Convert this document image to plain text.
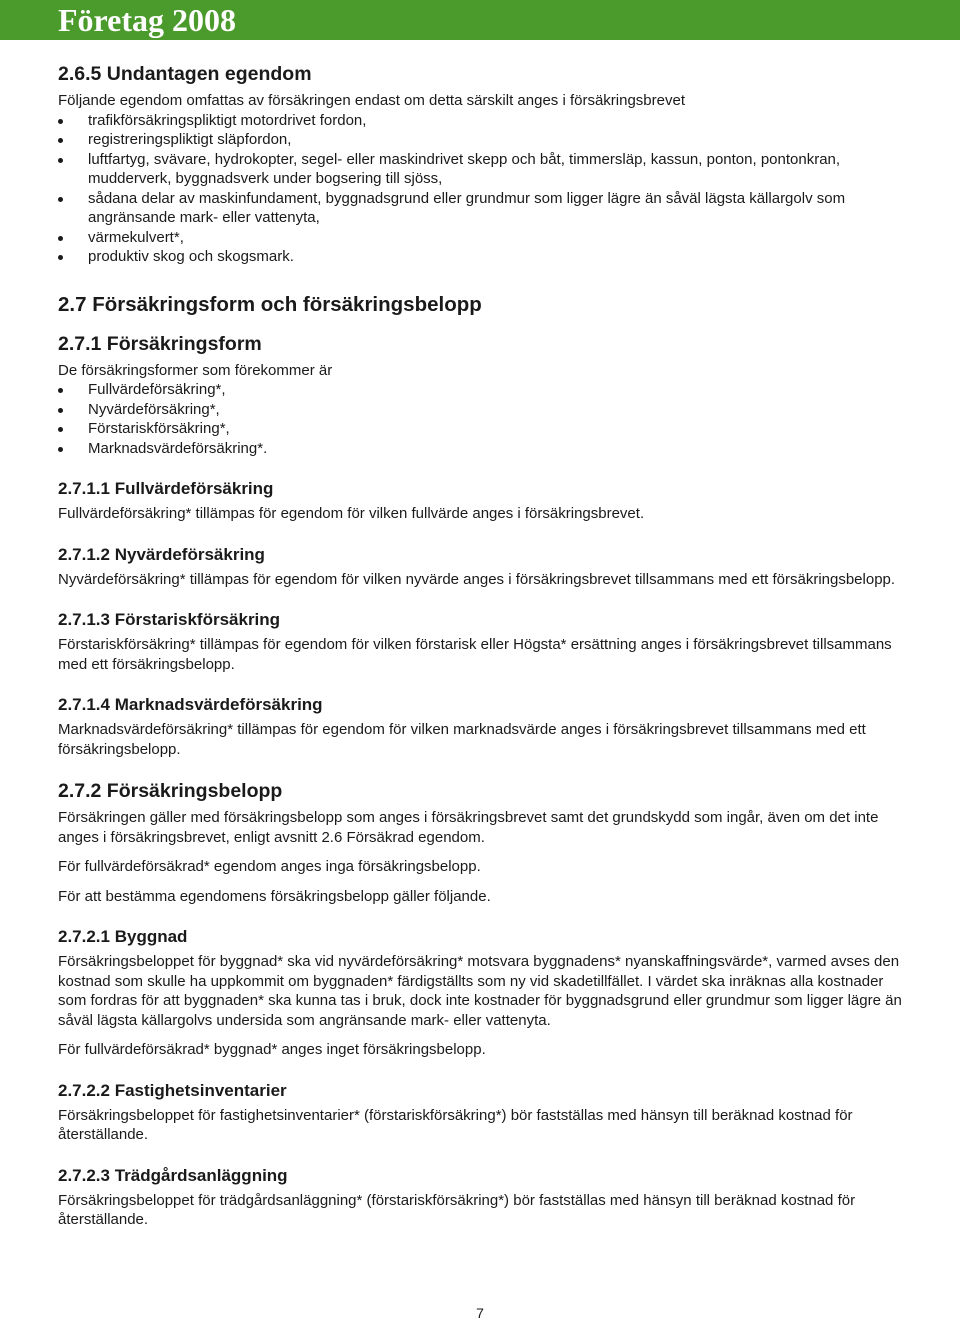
Företag 2008
2.6.5 Undantagen egendom

Följande egendom omfattas av försäkringen endast om detta särskilt anges i försäkringsbrevet

trafikförsäkringspliktigt motordrivet fordon,
registreringspliktigt släpfordon,
luftfartyg, svävare, hydrokopter, segel- eller maskindrivet skepp och båt, timmersläp, kassun, ponton, pontonkran, mudderverk, byggnadsverk under bogsering till sjöss,
sådana delar av maskinfundament, byggnadsgrund eller grundmur som ligger lägre än såväl lägsta källargolv som angränsande mark- eller vattenyta,
värmekulvert*,
produktiv skog och skogsmark.
2.7 Försäkringsform och försäkringsbelopp
2.7.1 Försäkringsform

De försäkringsformer som förekommer är

Fullvärdeförsäkring*,
Nyvärdeförsäkring*,
Förstariskförsäkring*,
Marknadsvärdeförsäkring*.
2.7.1.1 Fullvärdeförsäkring

Fullvärdeförsäkring* tillämpas för egendom för vilken fullvärde anges i försäkringsbrevet.

2.7.1.2 Nyvärdeförsäkring

Nyvärdeförsäkring* tillämpas för egendom för vilken nyvärde anges i försäkringsbrevet tillsammans med ett försäkringsbelopp.

2.7.1.3 Förstariskförsäkring

Förstariskförsäkring* tillämpas för egendom för vilken förstarisk eller Högsta* ersättning anges i försäkringsbrevet tillsammans med ett försäkringsbelopp.

2.7.1.4 Marknadsvärdeförsäkring

Marknadsvärdeförsäkring* tillämpas för egendom för vilken marknadsvärde anges i försäkringsbrevet tillsammans med ett försäkringsbelopp.

2.7.2 Försäkringsbelopp

Försäkringen gäller med försäkringsbelopp som anges i försäkringsbrevet samt det grundskydd som ingår, även om det inte anges i försäkringsbrevet, enligt avsnitt 2.6 Försäkrad egendom.

För fullvärdeförsäkrad* egendom anges inga försäkringsbelopp.

För att bestämma egendomens försäkringsbelopp gäller följande.

2.7.2.1 Byggnad

Försäkringsbeloppet för byggnad* ska vid nyvärdeförsäkring* motsvara byggnadens* nyanskaffningsvärde*, varmed avses den kostnad som skulle ha uppkommit om byggnaden* färdigställts som ny vid skadetillfället. I värdet ska inräknas alla kostnader som fordras för att byggnaden* ska kunna tas i bruk, dock inte kostnader för byggnadsgrund eller grundmur som ligger lägre än såväl lägsta källargolvs undersida som angränsande mark- eller vattenyta.

För fullvärdeförsäkrad* byggnad* anges inget försäkringsbelopp.

2.7.2.2 Fastighetsinventarier

Försäkringsbeloppet för fastighetsinventarier* (förstariskförsäkring*) bör fastställas med hänsyn till beräknad kostnad för återställande.

2.7.2.3 Trädgårdsanläggning

Försäkringsbeloppet för trädgårdsanläggning* (förstariskförsäkring*) bör fastställas med hänsyn till beräknad kostnad för återställande.

7
